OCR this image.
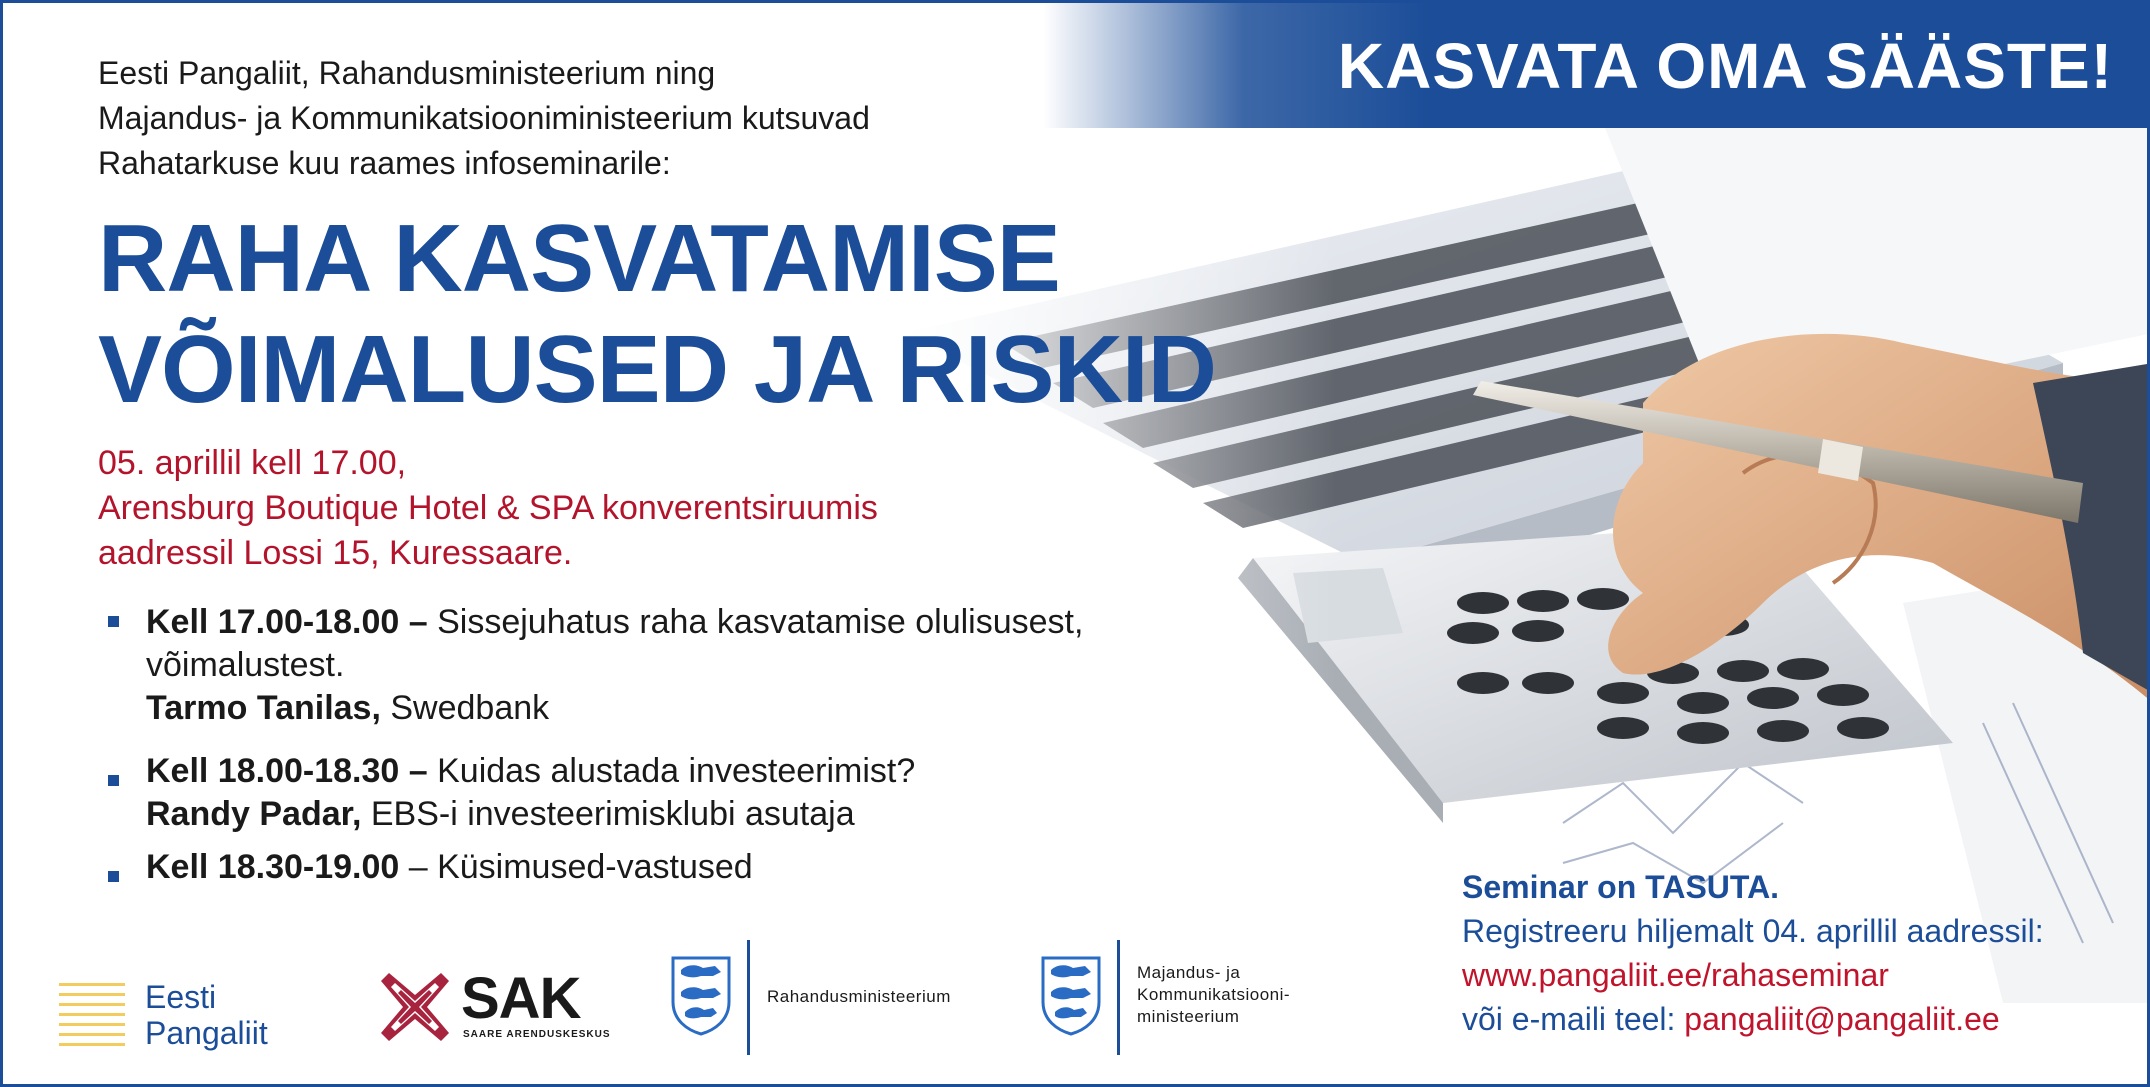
KASVATA OMA SÄÄSTE!
Eesti Pangaliit, Rahandusministeerium ning
Majandus- ja Kommunikatsiooniministeerium kutsuvad
Rahatarkuse kuu raames infoseminarile:
RAHA KASVATAMISE
VÕIMALUSED JA RISKID
05. aprillil kell 17.00,
Arensburg Boutique Hotel & SPA konverentsiruumis
aadressil Lossi 15, Kuressaare.
Kell 17.00-18.00 – Sissejuhatus raha kasvatamise olulisusest,
võimalustest.
Tarmo Tanilas, Swedbank
Kell 18.00-18.30 – Kuidas alustada investeerimist?
Randy Padar, EBS-i investeerimisklubi asutaja
Kell 18.30-19.00 – Küsimused-vastused
Seminar on TASUTA.
Registreeru hiljemalt 04. aprillil aadressil:
www.pangaliit.ee/rahaseminar
või e-maili teel: pangaliit@pangaliit.ee
Eesti
Pangaliit
SAK
SAARE ARENDUSKESKUS
Rahandusministeerium
Majandus- ja
Kommunikatsiooni-
ministeerium
